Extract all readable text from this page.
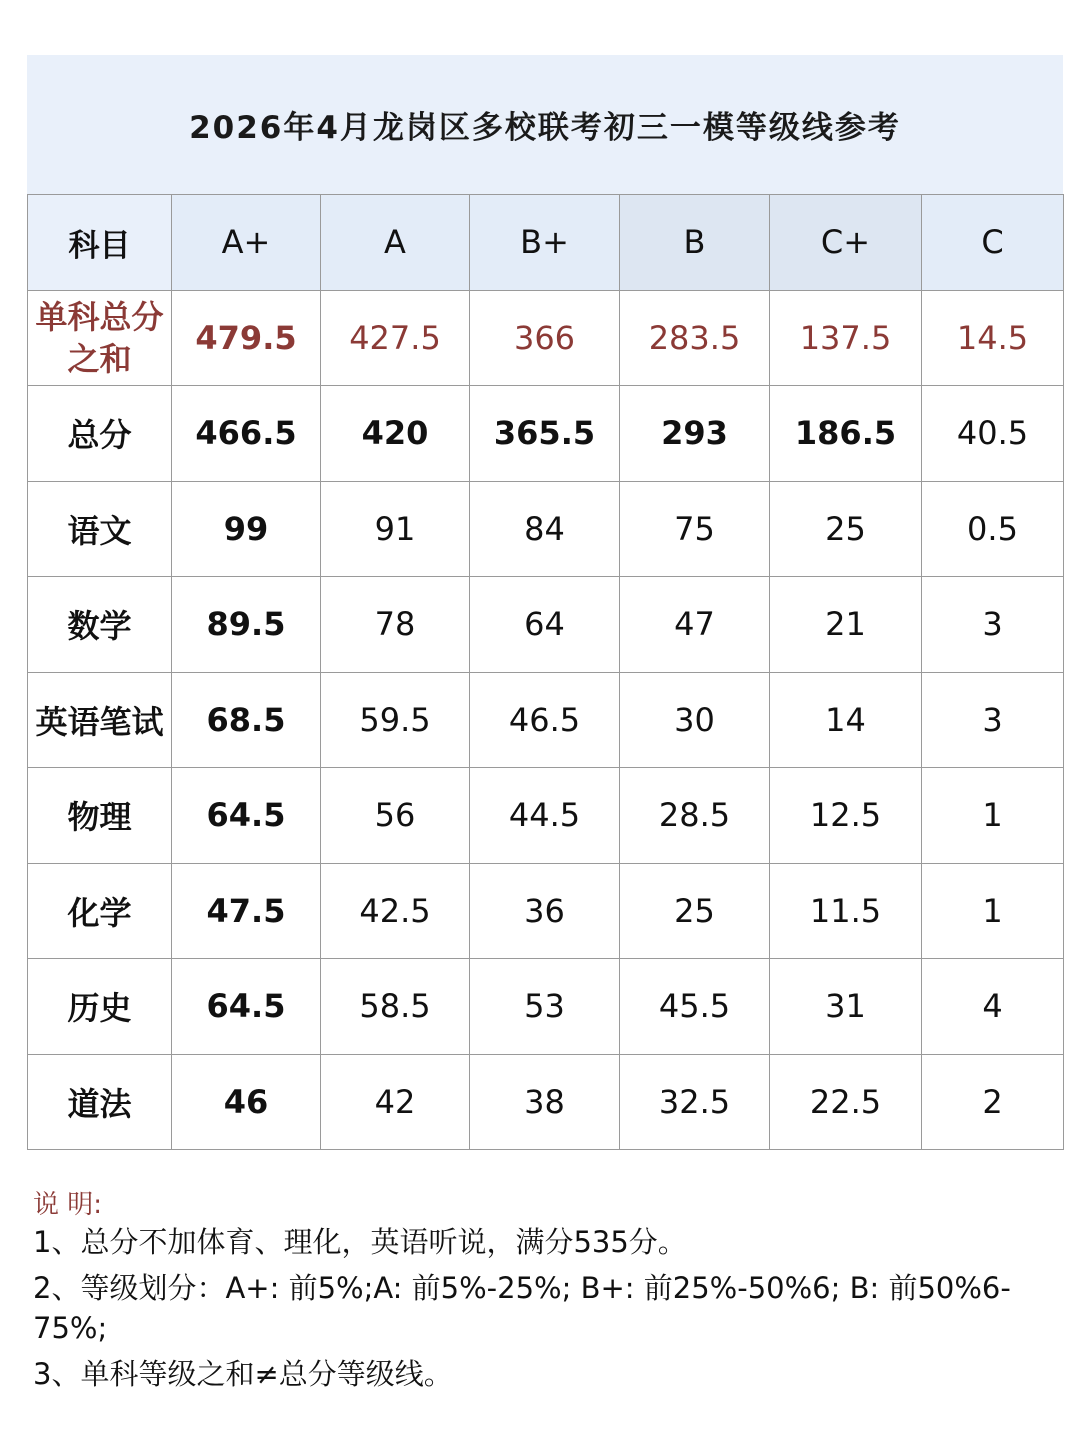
2026年4月龙岗区多校联考初三一模等级线参考
科目	A+	A	B+	B	C+	C
单科总分之和	479.5	427.5	366	283.5	137.5	14.5
总分	466.5	420	365.5	293	186.5	40.5
语文	99	91	84	75	25	0.5
数学	89.5	78	64	47	21	3
英语笔试	68.5	59.5	46.5	30	14	3
物理	64.5	56	44.5	28.5	12.5	1
化学	47.5	42.5	36	25	11.5	1
历史	64.5	58.5	53	45.5	31	4
道法	46	42	38	32.5	22.5	2
说 明:

1、总分不加体育、理化，英语听说，满分535分。

2、等级划分：A+: 前5%;A: 前5%-25%; B+: 前25%-50%6; B: 前50%6- 75%;

3、单科等级之和≠总分等级线。
